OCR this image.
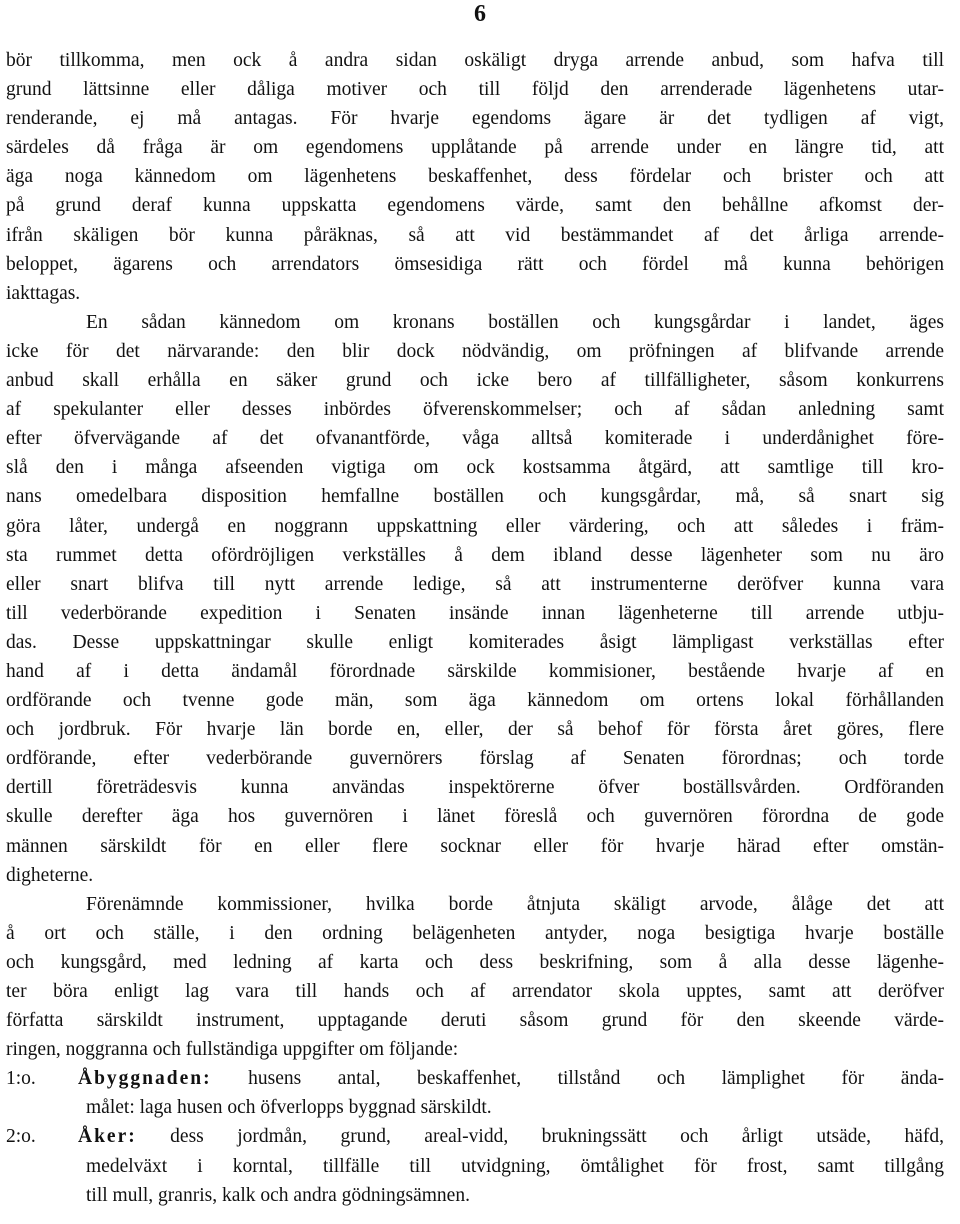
6
bör tillkomma, men ock å andra sidan oskäligt dryga arrende anbud, som hafva till
grund lättsinne eller dåliga motiver och till följd den arrenderade lägenhetens utar-
renderande, ej må antagas. För hvarje egendoms ägare är det tydligen af vigt,
särdeles då fråga är om egendomens upplåtande på arrende under en längre tid, att
äga noga kännedom om lägenhetens beskaffenhet, dess fördelar och brister och att
på grund deraf kunna uppskatta egendomens värde, samt den behållne afkomst der-
ifrån skäligen bör kunna påräknas, så att vid bestämmandet af det årliga arrende-
beloppet, ägarens och arrendators ömsesidiga rätt och fördel må kunna behörigen
iakttagas.
En sådan kännedom om kronans boställen och kungsgårdar i landet, äges
icke för det närvarande: den blir dock nödvändig, om pröfningen af blifvande arrende
anbud skall erhålla en säker grund och icke bero af tillfälligheter, såsom konkurrens
af spekulanter eller desses inbördes öfverenskommelser; och af sådan anledning samt
efter öfvervägande af det ofvanantförde, våga alltså komiterade i underdånighet före-
slå den i många afseenden vigtiga om ock kostsamma åtgärd, att samtlige till kro-
nans omedelbara disposition hemfallne boställen och kungsgårdar, må, så snart sig
göra låter, undergå en noggrann uppskattning eller värdering, och att således i främ-
sta rummet detta ofördröjligen verkställes å dem ibland desse lägenheter som nu äro
eller snart blifva till nytt arrende ledige, så att instrumenterne deröfver kunna vara
till vederbörande expedition i Senaten insände innan lägenheterne till arrende utbju-
das. Desse uppskattningar skulle enligt komiterades åsigt lämpligast verkställas efter
hand af i detta ändamål förordnade särskilde kommisioner, bestående hvarje af en
ordförande och tvenne gode män, som äga kännedom om ortens lokal förhållanden
och jordbruk. För hvarje län borde en, eller, der så behof för första året göres, flere
ordförande, efter vederbörande guvernörers förslag af Senaten förordnas; och torde
dertill företrädesvis kunna användas inspektörerne öfver boställsvården. Ordföranden
skulle derefter äga hos guvernören i länet föreslå och guvernören förordna de gode
männen särskildt för en eller flere socknar eller för hvarje härad efter omstän-
digheterne.
Förenämnde kommissioner, hvilka borde åtnjuta skäligt arvode, ålåge det att
å ort och ställe, i den ordning belägenheten antyder, noga besigtiga hvarje boställe
och kungsgård, med ledning af karta och dess beskrifning, som å alla desse lägenhe-
ter böra enligt lag vara till hands och af arrendator skola upptes, samt att deröfver
författa särskildt instrument, upptagande deruti såsom grund för den skeende värde-
ringen, noggranna och fullständiga uppgifter om följande:
1:o. Åbyggnaden: husens antal, beskaffenhet, tillstånd och lämplighet för ända-
målet: laga husen och öfverlopps byggnad särskildt.
2:o. Åker: dess jordmån, grund, areal-vidd, brukningssätt och årligt utsäde, häfd,
medelväxt i korntal, tillfälle till utvidgning, ömtålighet för frost, samt tillgång
till mull, granris, kalk och andra gödningsämnen.
